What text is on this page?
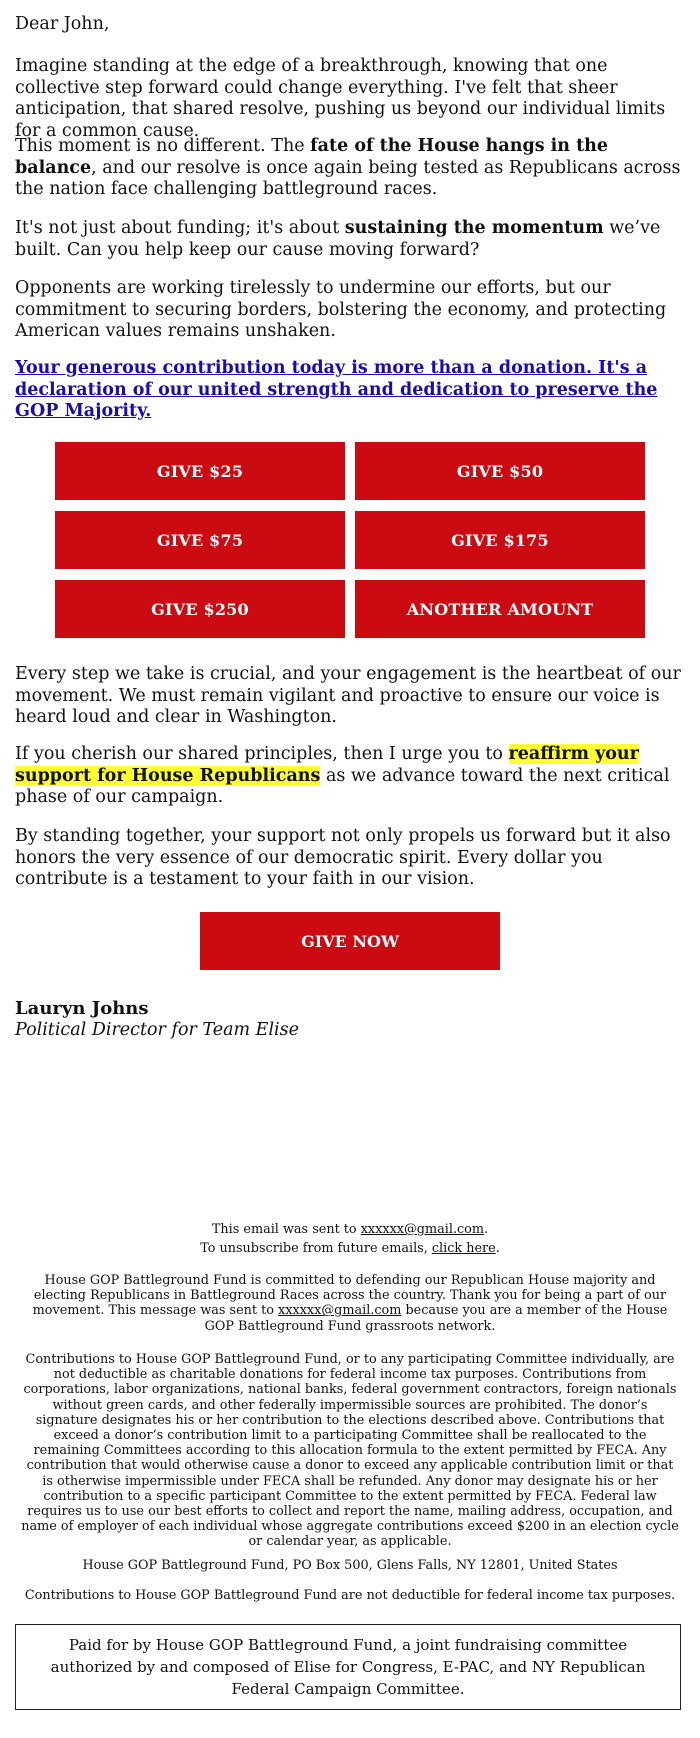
Dear John,

Imagine standing at the edge of a breakthrough, knowing that one collective step forward could change everything. I've felt that sheer anticipation, that shared resolve, pushing us beyond our individual limits for a common cause.

This moment is no different. The fate of the House hangs in the balance, and our resolve is once again being tested as Republicans across the nation face challenging battleground races.

It's not just about funding; it's about sustaining the momentum we’ve built. Can you help keep our cause moving forward?

Opponents are working tirelessly to undermine our efforts, but our commitment to securing borders, bolstering the economy, and protecting American values remains unshaken.

Your generous contribution today is more than a donation. It's a declaration of our united strength and dedication to preserve the GOP Majority.

GIVE $25	GIVE $50
GIVE $75	GIVE $175
GIVE $250	ANOTHER AMOUNT

Every step we take is crucial, and your engagement is the heartbeat of our movement. We must remain vigilant and proactive to ensure our voice is heard loud and clear in Washington.

If you cherish our shared principles, then I urge you to reaffirm your support for House Republicans as we advance toward the next critical phase of our campaign.

By standing together, your support not only propels us forward but it also honors the very essence of our democratic spirit. Every dollar you contribute is a testament to your faith in our vision.

GIVE NOW
Lauryn Johns
Political Director for Team Elise
This email was sent to xxxxxx@gmail.com.
To unsubscribe from future emails, click here.
House GOP Battleground Fund is committed to defending our Republican House majority and electing Republicans in Battleground Races across the country. Thank you for being a part of our movement. This message was sent to xxxxxx@gmail.com because you are a member of the House GOP Battleground Fund grassroots network.
Contributions to House GOP Battleground Fund, or to any participating Committee individually, are not deductible as charitable donations for federal income tax purposes. Contributions from corporations, labor organizations, national banks, federal government contractors, foreign nationals without green cards, and other federally impermissible sources are prohibited. The donor’s signature designates his or her contribution to the elections described above. Contributions that exceed a donor’s contribution limit to a participating Committee shall be reallocated to the remaining Committees according to this allocation formula to the extent permitted by FECA. Any contribution that would otherwise cause a donor to exceed any applicable contribution limit or that is otherwise impermissible under FECA shall be refunded. Any donor may designate his or her contribution to a specific participant Committee to the extent permitted by FECA. Federal law requires us to use our best efforts to collect and report the name, mailing address, occupation, and name of employer of each individual whose aggregate contributions exceed $200 in an election cycle or calendar year, as applicable.
House GOP Battleground Fund, PO Box 500, Glens Falls, NY 12801, United States
Contributions to House GOP Battleground Fund are not deductible for federal income tax purposes.
Paid for by House GOP Battleground Fund, a joint fundraising committee authorized by and composed of Elise for Congress, E-PAC, and NY Republican Federal Campaign Committee.
